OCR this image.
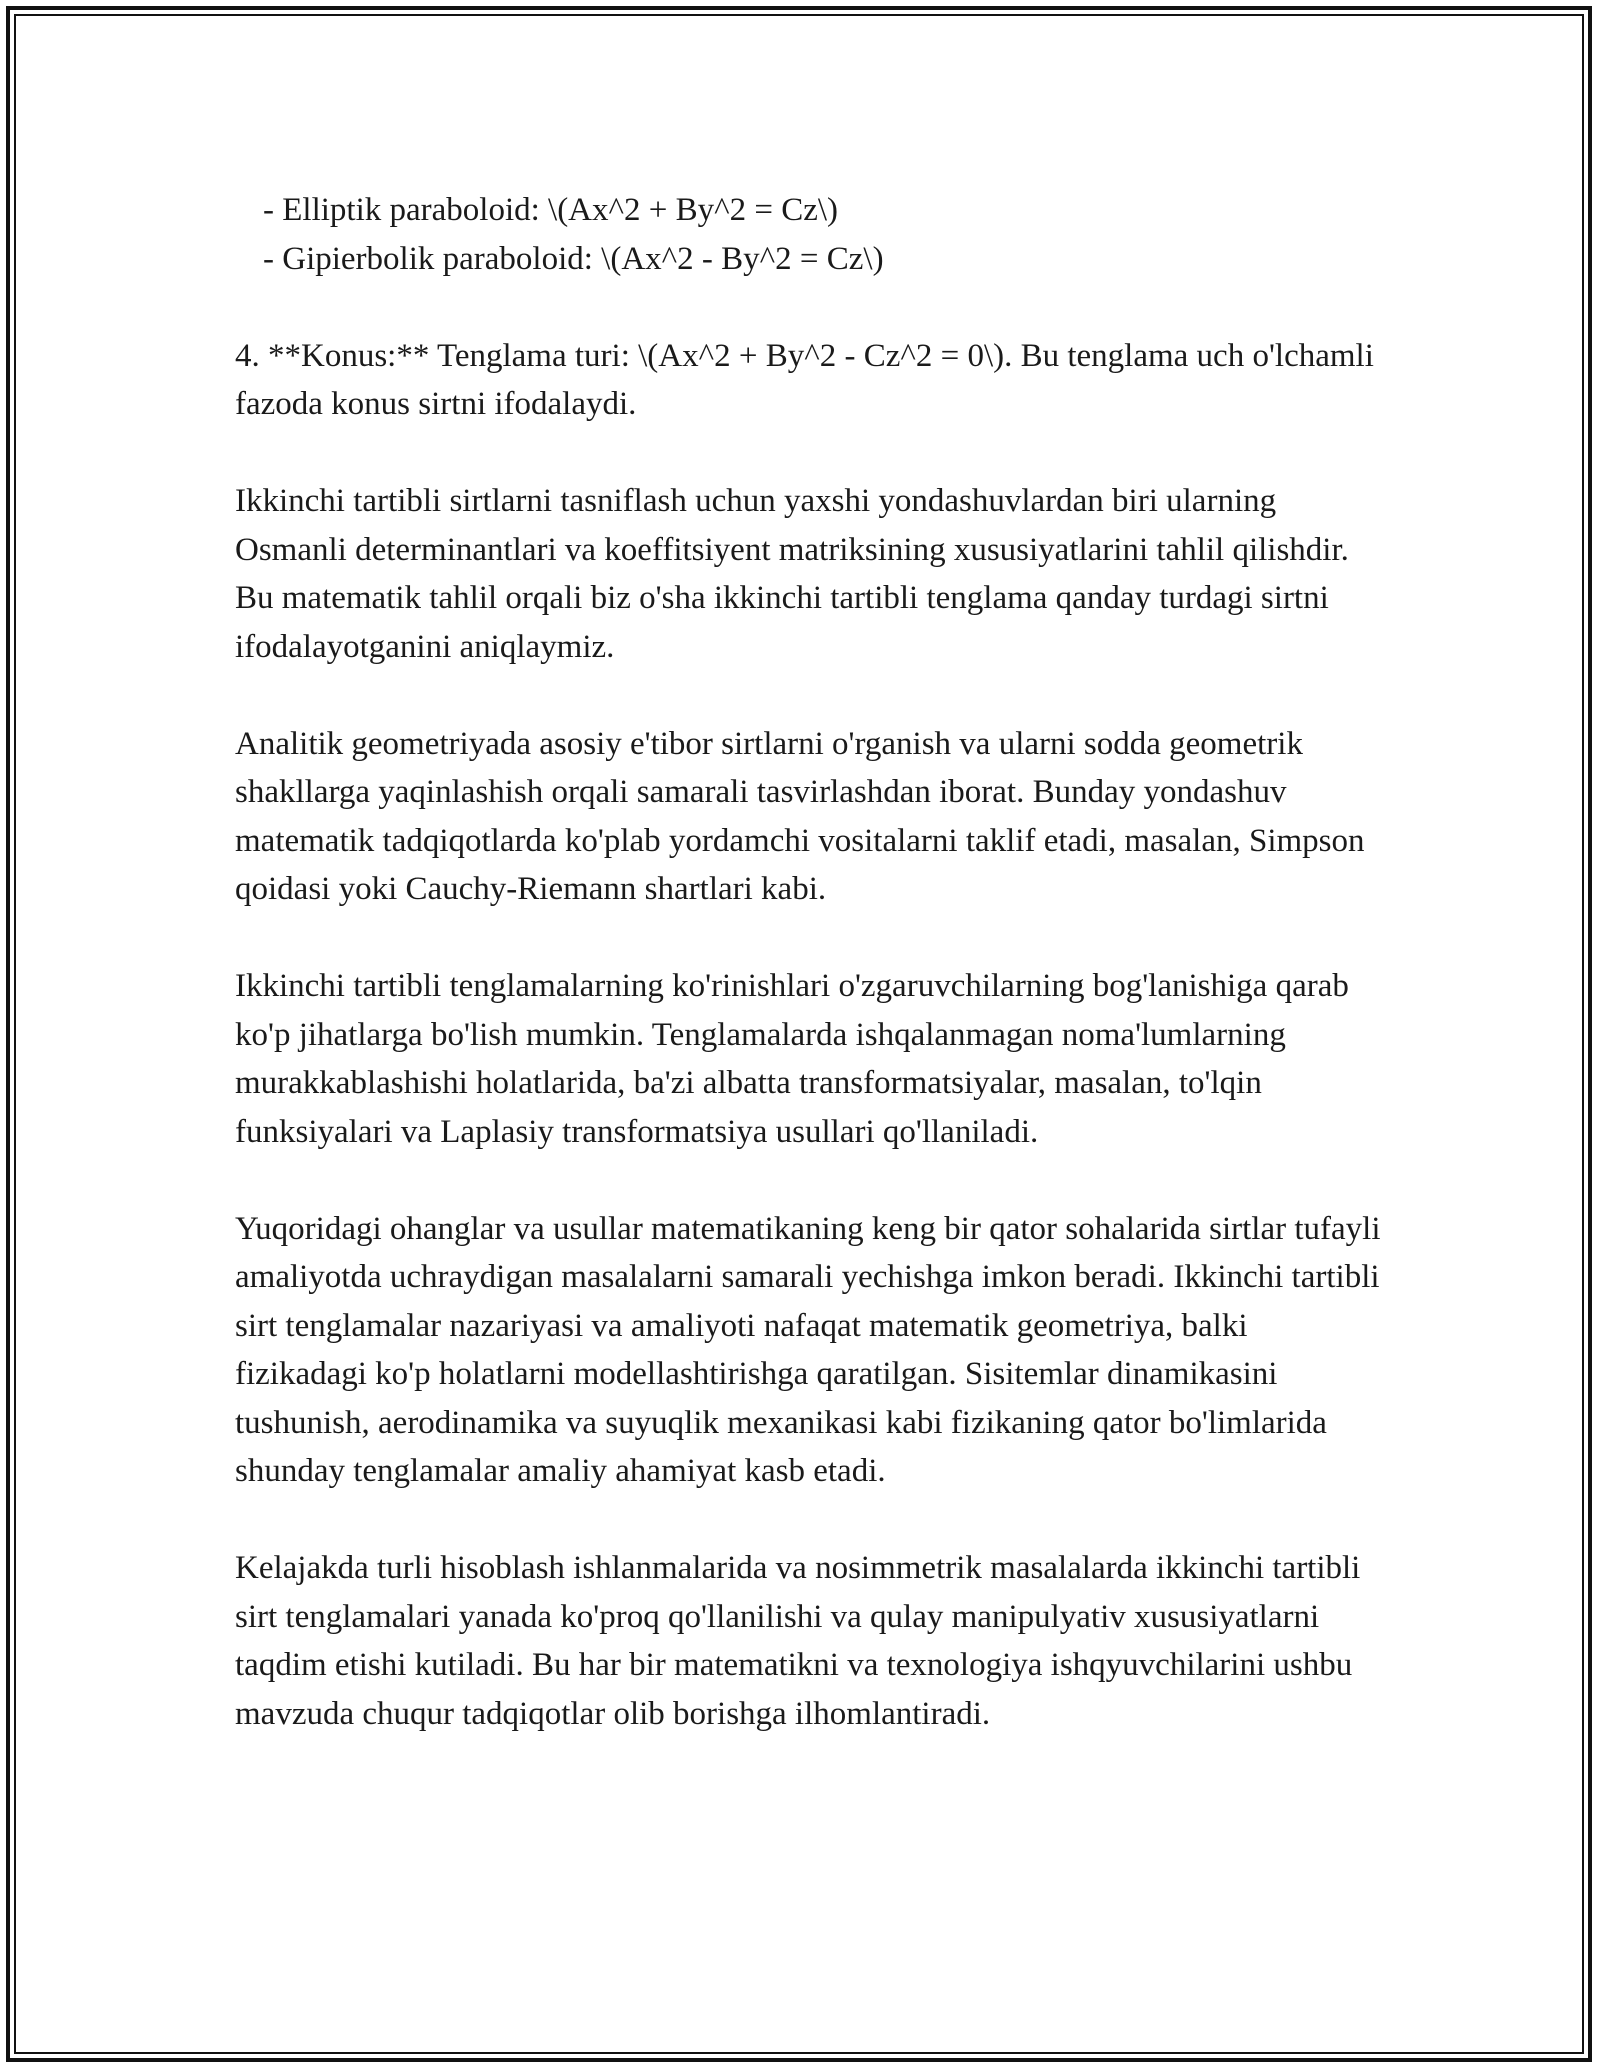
- Elliptik paraboloid: \(Ax^2 + By^2 = Cz\)
- Gipierbolik paraboloid: \(Ax^2 - By^2 = Cz\)

4. **Konus:** Tenglama turi: \(Ax^2 + By^2 - Cz^2 = 0\). Bu tenglama uch o'lchamli fazoda konus sirtni ifodalaydi.

Ikkinchi tartibli sirtlarni tasniflash uchun yaxshi yondashuvlardan biri ularning Osmanli determinantlari va koeffitsiyent matriksining xususiyatlarini tahlil qilishdir. Bu matematik tahlil orqali biz o'sha ikkinchi tartibli tenglama qanday turdagi sirtni ifodalayotganini aniqlaymiz.

Analitik geometriyada asosiy e'tibor sirtlarni o'rganish va ularni sodda geometrik shakllarga yaqinlashish orqali samarali tasvirlashdan iborat. Bunday yondashuv matematik tadqiqotlarda ko'plab yordamchi vositalarni taklif etadi, masalan, Simpson qoidasi yoki Cauchy-Riemann shartlari kabi.

Ikkinchi tartibli tenglamalarning ko'rinishlari o'zgaruvchilarning bog'lanishiga qarab ko'p jihatlarga bo'lish mumkin. Tenglamalarda ishqalanmagan noma'lumlarning murakkablashishi holatlarida, ba'zi albatta transformatsiyalar, masalan, to'lqin funksiyalari va Laplasiy transformatsiya usullari qo'llaniladi.

Yuqoridagi ohanglar va usullar matematikaning keng bir qator sohalarida sirtlar tufayli amaliyotda uchraydigan masalalarni samarali yechishga imkon beradi. Ikkinchi tartibli sirt tenglamalar nazariyasi va amaliyoti nafaqat matematik geometriya, balki fizikadagi ko'p holatlarni modellashtirishga qaratilgan. Sisitemlar dinamikasini tushunish, aerodinamika va suyuqlik mexanikasi kabi fizikaning qator bo'limlarida shunday tenglamalar amaliy ahamiyat kasb etadi.

Kelajakda turli hisoblash ishlanmalarida va nosimmetrik masalalarda ikkinchi tartibli sirt tenglamalari yanada ko'proq qo'llanilishi va qulay manipulyativ xususiyatlarni taqdim etishi kutiladi. Bu har bir matematikni va texnologiya ishqyuvchilarini ushbu mavzuda chuqur tadqiqotlar olib borishga ilhomlantiradi.
